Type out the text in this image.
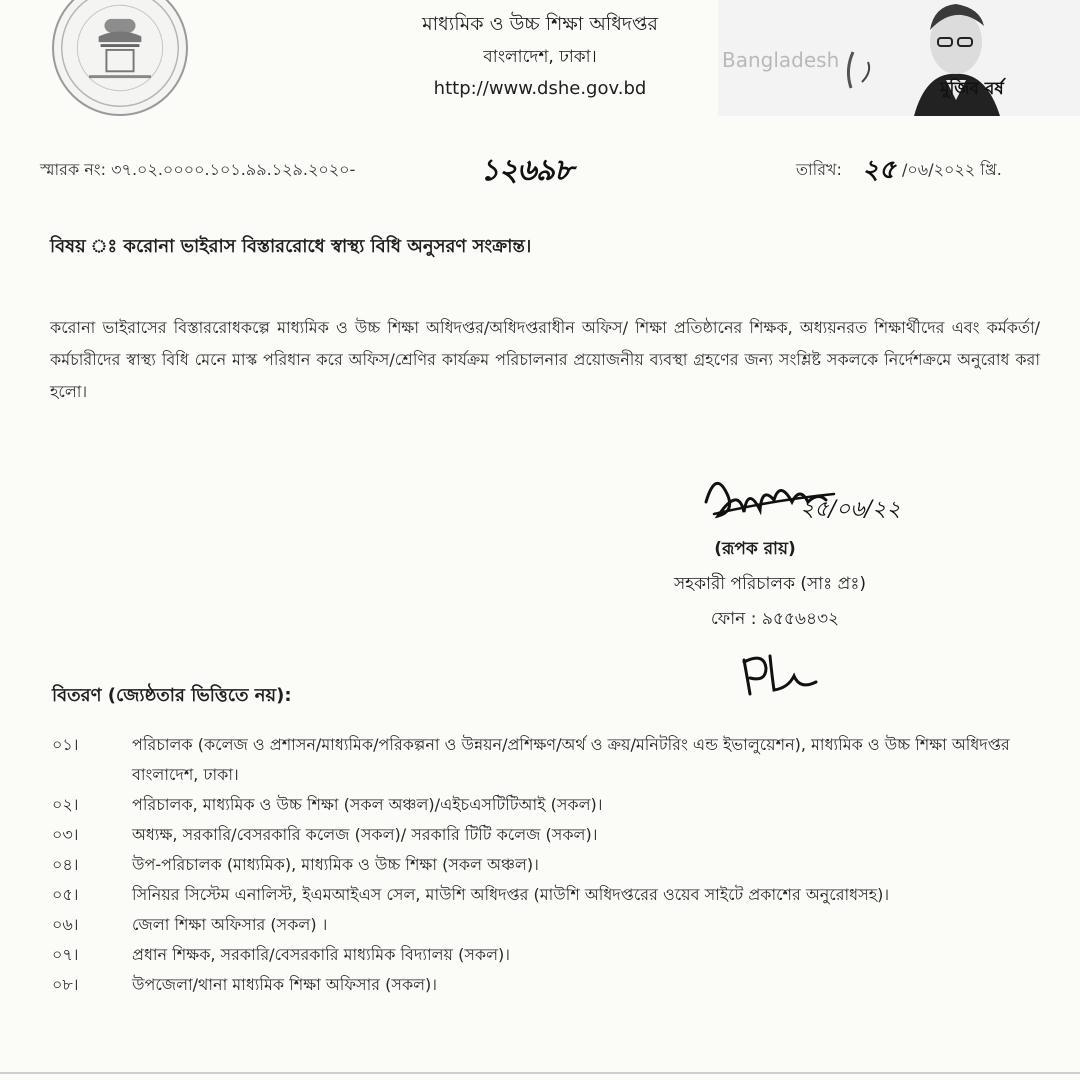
মাধ্যমিক ও উচ্চ শিক্ষা অধিদপ্তর
বাংলাদেশ, ঢাকা।
http://www.dshe.gov.bd
Bangladesh
মুজিব বর্ষ
স্মারক নং: ৩৭.০২.০০০০.১০১.৯৯.১২৯.২০২০-	১২৬৯৮	তারিখ: ২৫ /০৬/২০২২ খ্রি.
বিষয় ঃ করোনা ভাইরাস বিস্তাররোধে স্বাস্থ্য বিধি অনুসরণ সংক্রান্ত।
করোনা ভাইরাসের বিস্তাররোধকল্পে মাধ্যমিক ও উচ্চ শিক্ষা অধিদপ্তর/অধিদপ্তরাধীন অফিস/ শিক্ষা প্রতিষ্ঠানের শিক্ষক, অধ্যয়নরত শিক্ষার্থীদের এবং কর্মকর্তা/কর্মচারীদের স্বাস্থ্য বিধি মেনে মাস্ক পরিধান করে অফিস/শ্রেণির কার্যক্রম পরিচালনার প্রয়োজনীয় ব্যবস্থা গ্রহণের জন্য সংশ্লিষ্ট সকলকে নির্দেশক্রমে অনুরোধ করা হলো।
২৫/০৬/২২
(রূপক রায়)
সহকারী পরিচালক (সাঃ প্রঃ)
ফোন : ৯৫৫৬৪৩২
বিতরণ (জ্যেষ্ঠতার ভিত্তিতে নয়):
০১।	পরিচালক (কলেজ ও প্রশাসন/মাধ্যমিক/পরিকল্পনা ও উন্নয়ন/প্রশিক্ষণ/অর্থ ও ক্রয়/মনিটরিং এন্ড ইভালুয়েশন), মাধ্যমিক ও উচ্চ শিক্ষা অধিদপ্তর বাংলাদেশ, ঢাকা।
০২।	পরিচালক, মাধ্যমিক ও উচ্চ শিক্ষা (সকল অঞ্চল)/এইচএসটিটিআই (সকল)।
০৩।	অধ্যক্ষ, সরকারি/বেসরকারি কলেজ (সকল)/ সরকারি টিটি কলেজ (সকল)।
০৪।	উপ-পরিচালক (মাধ্যমিক), মাধ্যমিক ও উচ্চ শিক্ষা (সকল অঞ্চল)।
০৫।	সিনিয়র সিস্টেম এনালিস্ট, ইএমআইএস সেল, মাউশি অধিদপ্তর (মাউশি অধিদপ্তরের ওয়েব সাইটে প্রকাশের অনুরোধসহ)।
০৬।	জেলা শিক্ষা অফিসার (সকল) ।
০৭।	প্রধান শিক্ষক, সরকারি/বেসরকারি মাধ্যমিক বিদ্যালয় (সকল)।
০৮।	উপজেলা/থানা মাধ্যমিক শিক্ষা অফিসার (সকল)।
